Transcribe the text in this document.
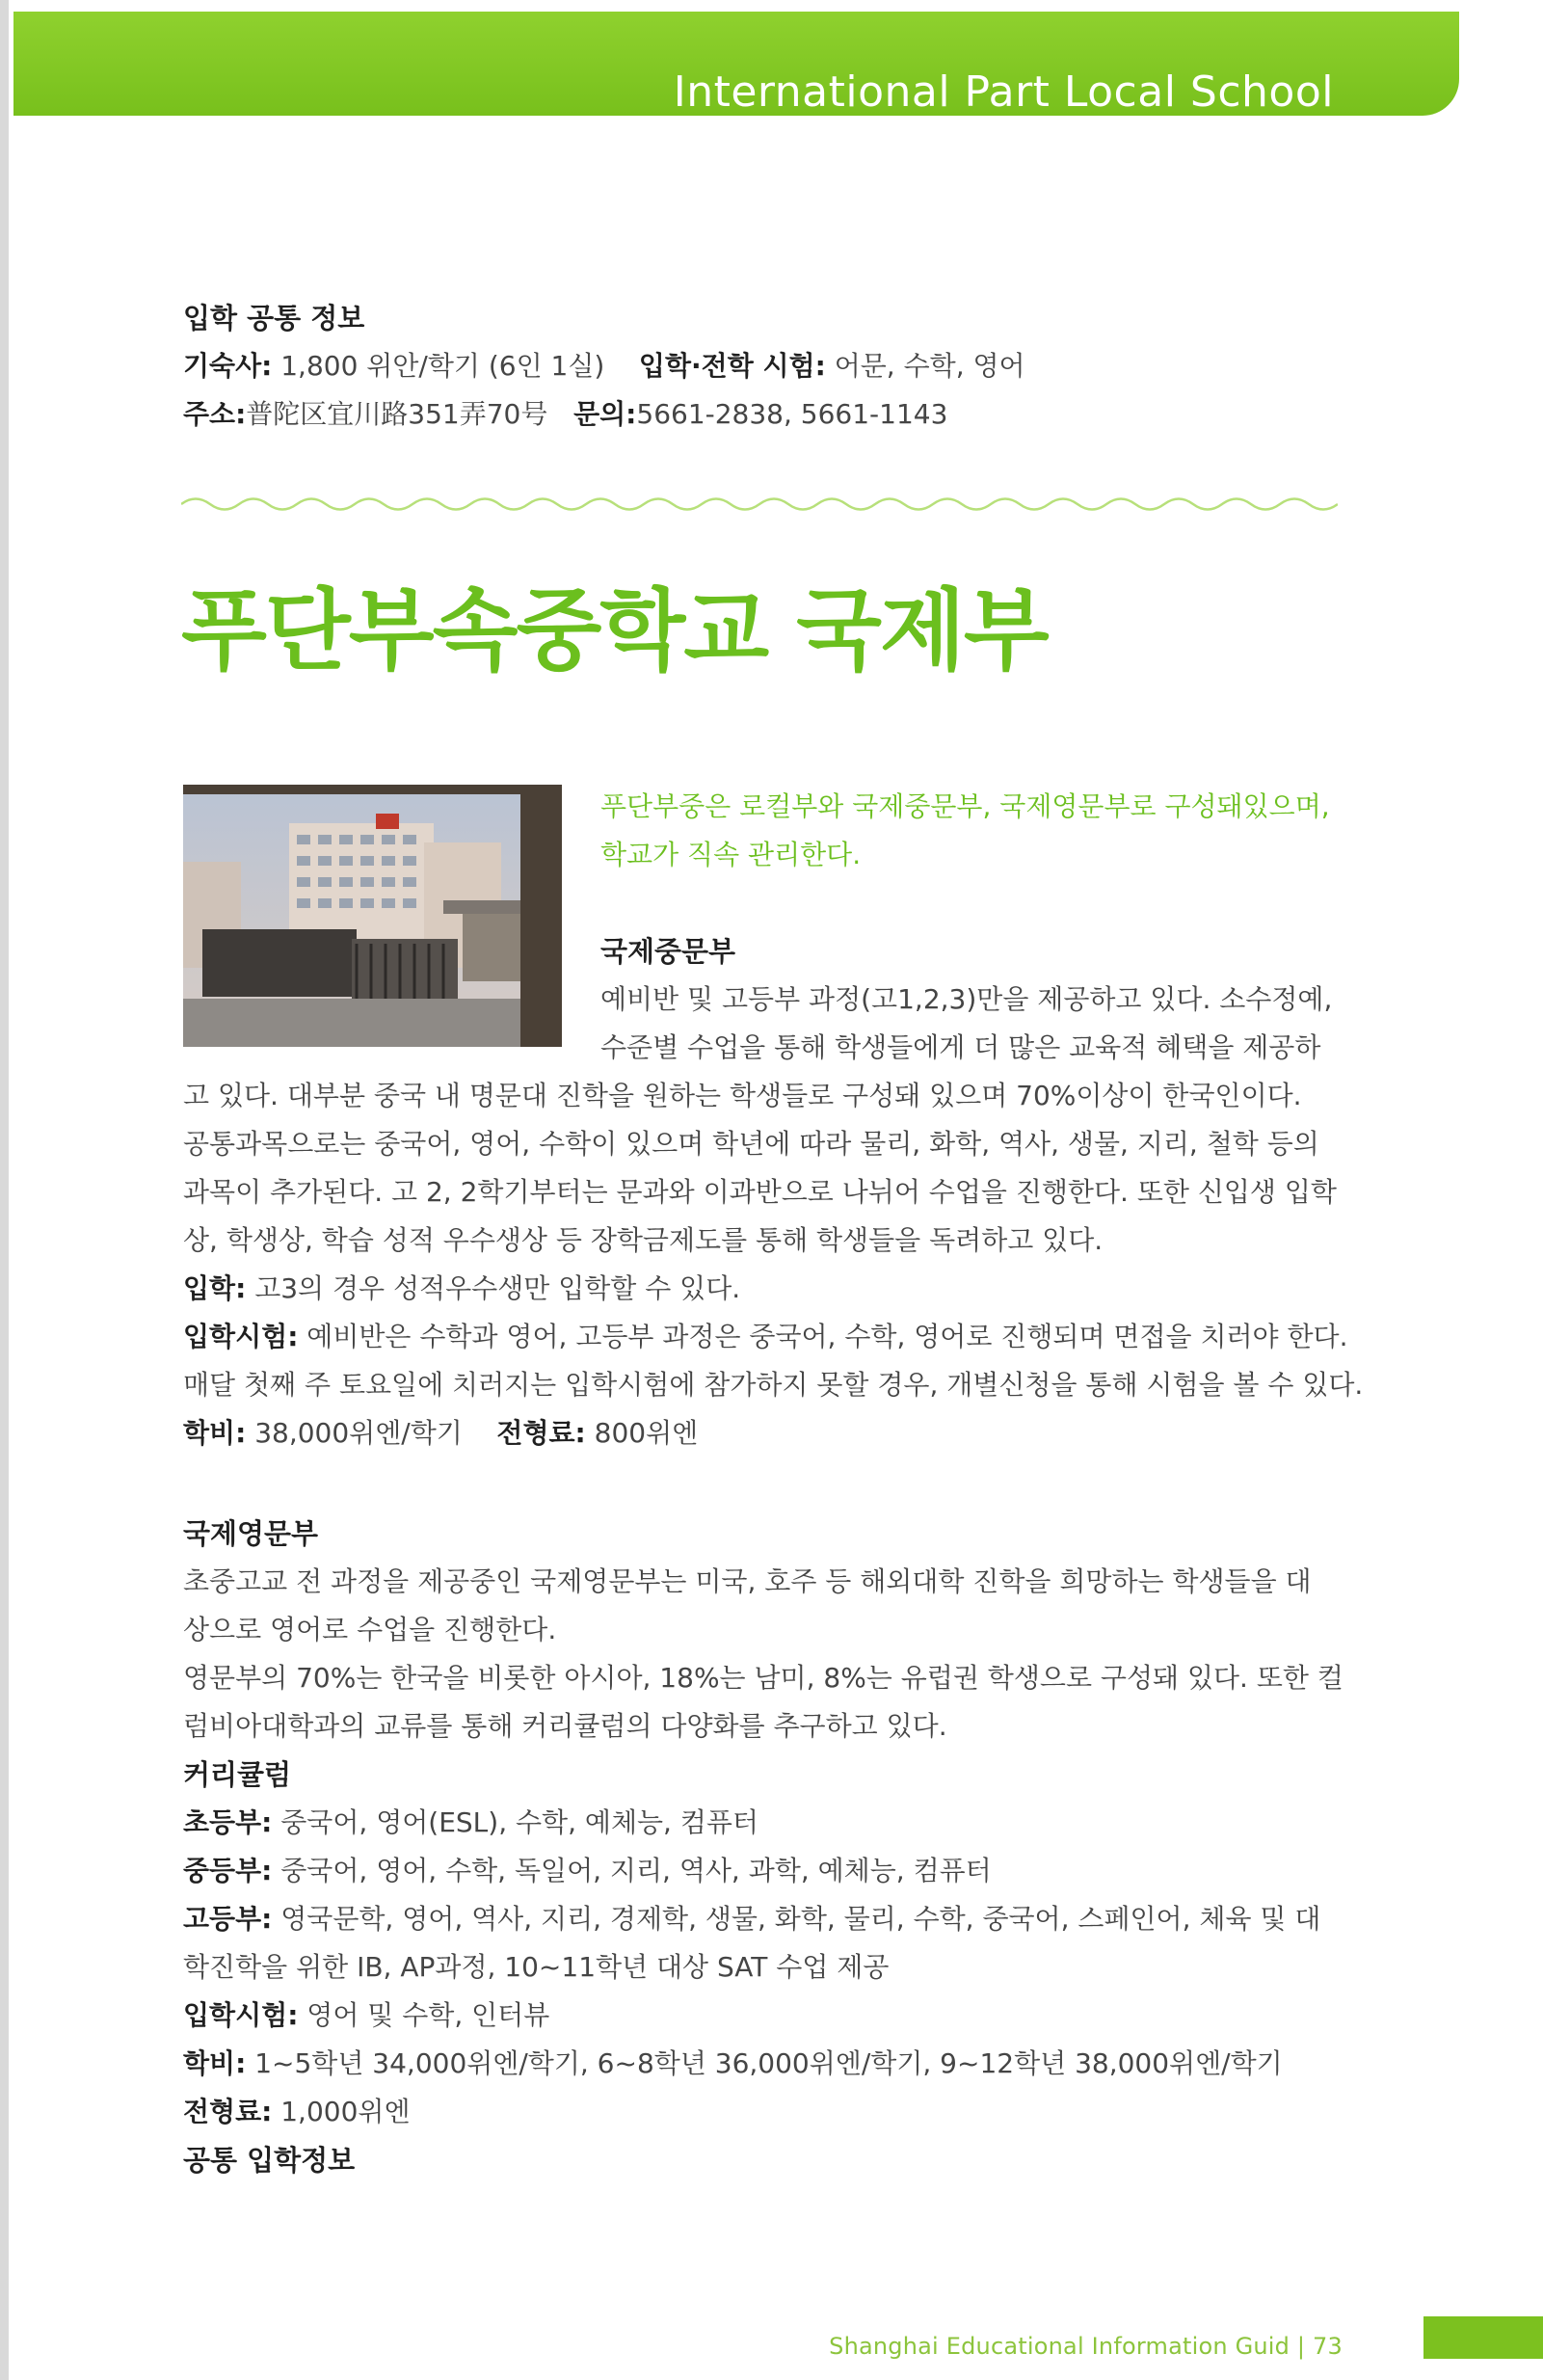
International Part Local School
입학 공통 정보
기숙사: 1,800 위안/학기 (6인 1실) 입학·전학 시험: 어문, 수학, 영어
주소:普陀区宜川路351弄70号 문의:5661-2838, 5661-1143
푸단부속중학교 국제부
푸단부중은 로컬부와 국제중문부, 국제영문부로 구성돼있으며, 학교가 직속 관리한다.
국제중문부
예비반 및 고등부 과정(고1,2,3)만을 제공하고 있다. 소수정예,
수준별 수업을 통해 학생들에게 더 많은 교육적 혜택을 제공하
고 있다. 대부분 중국 내 명문대 진학을 원하는 학생들로 구성돼 있으며 70%이상이 한국인이다.
공통과목으로는 중국어, 영어, 수학이 있으며 학년에 따라 물리, 화학, 역사, 생물, 지리, 철학 등의
과목이 추가된다. 고 2, 2학기부터는 문과와 이과반으로 나뉘어 수업을 진행한다. 또한 신입생 입학
상, 학생상, 학습 성적 우수생상 등 장학금제도를 통해 학생들을 독려하고 있다.
입학: 고3의 경우 성적우수생만 입학할 수 있다.
입학시험: 예비반은 수학과 영어, 고등부 과정은 중국어, 수학, 영어로 진행되며 면접을 치러야 한다.
매달 첫째 주 토요일에 치러지는 입학시험에 참가하지 못할 경우, 개별신청을 통해 시험을 볼 수 있다.
학비: 38,000위엔/학기 전형료: 800위엔
국제영문부
초중고교 전 과정을 제공중인 국제영문부는 미국, 호주 등 해외대학 진학을 희망하는 학생들을 대
상으로 영어로 수업을 진행한다.
영문부의 70%는 한국을 비롯한 아시아, 18%는 남미, 8%는 유럽권 학생으로 구성돼 있다. 또한 컬
럼비아대학과의 교류를 통해 커리큘럼의 다양화를 추구하고 있다.
커리큘럼
초등부: 중국어, 영어(ESL), 수학, 예체능, 컴퓨터
중등부: 중국어, 영어, 수학, 독일어, 지리, 역사, 과학, 예체능, 컴퓨터
고등부: 영국문학, 영어, 역사, 지리, 경제학, 생물, 화학, 물리, 수학, 중국어, 스페인어, 체육 및 대
학진학을 위한 IB, AP과정, 10~11학년 대상 SAT 수업 제공
입학시험: 영어 및 수학, 인터뷰
학비: 1~5학년 34,000위엔/학기, 6~8학년 36,000위엔/학기, 9~12학년 38,000위엔/학기
전형료: 1,000위엔
공통 입학정보
Shanghai Educational Information Guid | 73
